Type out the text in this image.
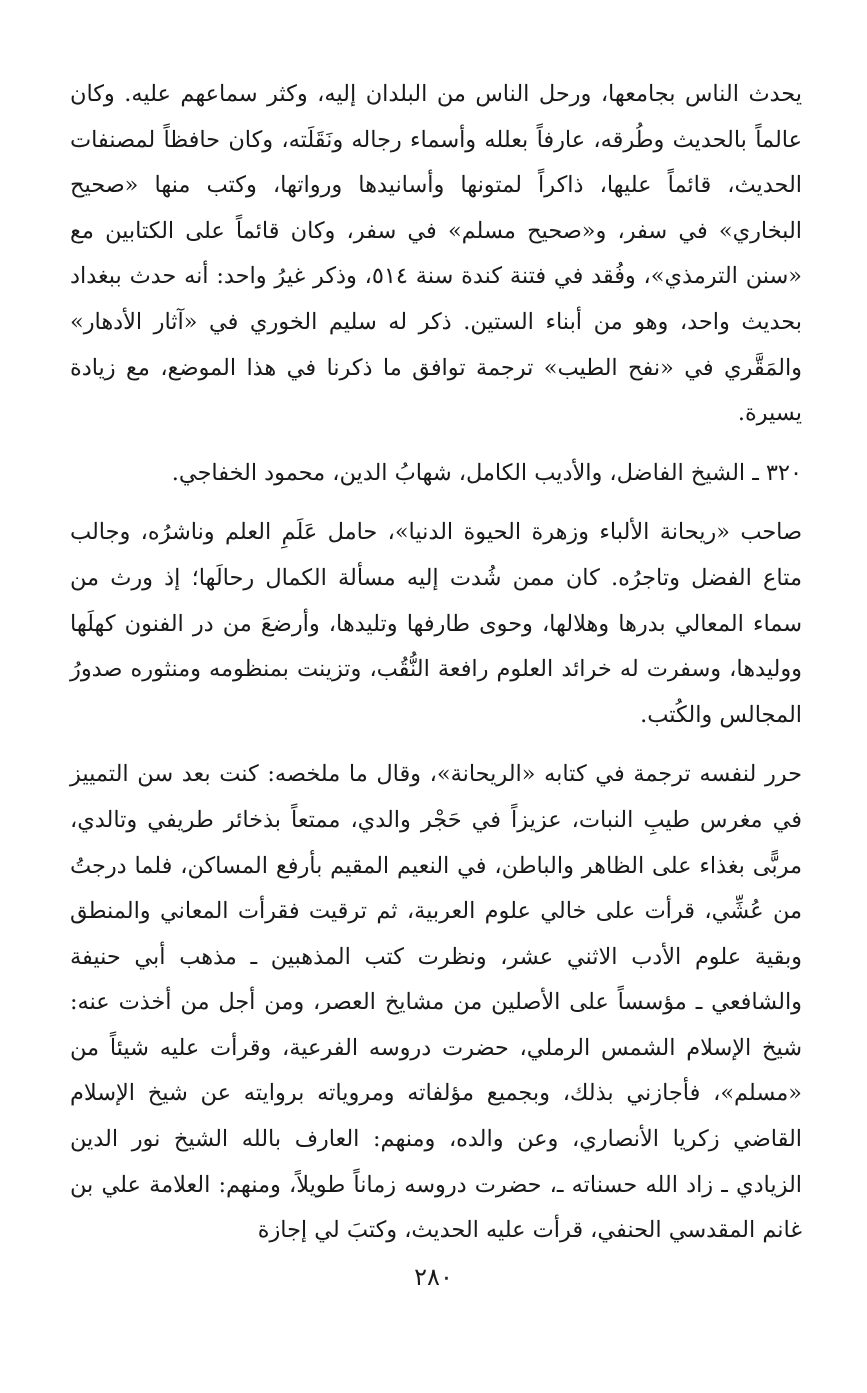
يحدث الناس بجامعها، ورحل الناس من البلدان إليه، وكثر سماعهم عليه. وكان عالماً بالحديث وطُرقه، عارفاً بعلله وأسماء رجاله ونَقَلَته، وكان حافظاً لمصنفات الحديث، قائماً عليها، ذاكراً لمتونها وأسانيدها ورواتها، وكتب منها «صحيح البخاري» في سفر، و«صحيح مسلم» في سفر، وكان قائماً على الكتابين مع «سنن الترمذي»، وفُقد في فتنة كندة سنة ٥١٤، وذكر غيرُ واحد: أنه حدث ببغداد بحديث واحد، وهو من أبناء الستين. ذكر له سليم الخوري في «آثار الأدهار» والمَقَّري في «نفح الطيب» ترجمة توافق ما ذكرنا في هذا الموضع، مع زيادة يسيرة.

٣٢٠ ـ الشيخ الفاضل، والأديب الكامل، شهابُ الدين، محمود الخفاجي.

صاحب «ريحانة الألباء وزهرة الحيوة الدنيا»، حامل عَلَمِ العلم وناشرُه، وجالب متاع الفضل وتاجرُه. كان ممن شُدت إليه مسألة الكمال رحالَها؛ إذ ورث من سماء المعالي بدرها وهلالها، وحوى طارفها وتليدها، وأرضعَ من در الفنون كهلَها ووليدها، وسفرت له خرائد العلوم رافعة النُّقُب، وتزينت بمنظومه ومنثوره صدورُ المجالس والكُتب.

حرر لنفسه ترجمة في كتابه «الريحانة»، وقال ما ملخصه: كنت بعد سن التمييز في مغرس طيبِ النبات، عزيزاً في حَجْر والدي، ممتعاً بذخائر طريفي وتالدي، مربًّى بغذاء على الظاهر والباطن، في النعيم المقيم بأرفع المساكن، فلما درجتُ من عُشِّي، قرأت على خالي علوم العربية، ثم ترقيت فقرأت المعاني والمنطق وبقية علوم الأدب الاثني عشر، ونظرت كتب المذهبين ـ مذهب أبي حنيفة والشافعي ـ مؤسساً على الأصلين من مشايخ العصر، ومن أجل من أخذت عنه: شيخ الإسلام الشمس الرملي، حضرت دروسه الفرعية، وقرأت عليه شيئاً من «مسلم»، فأجازني بذلك، وبجميع مؤلفاته ومروياته بروايته عن شيخ الإسلام القاضي زكريا الأنصاري، وعن والده، ومنهم: العارف بالله الشيخ نور الدين الزيادي ـ زاد الله حسناته ـ، حضرت دروسه زماناً طويلاً، ومنهم: العلامة علي بن غانم المقدسي الحنفي، قرأت عليه الحديث، وكتبَ لي إجازة

٢٨٠
